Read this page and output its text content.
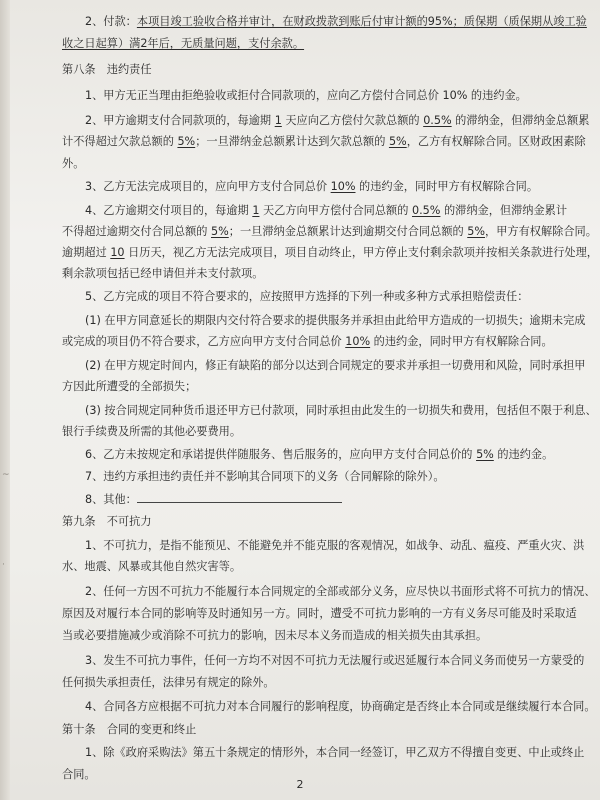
2、付款：本项目竣工验收合格并审计，在财政拨款到账后付审计额的95%；质保期（质保期从竣工验
收之日起算）满2年后，无质量问题，支付余款。
第八条　违约责任
1、甲方无正当理由拒绝验收或拒付合同款项的，应向乙方偿付合同总价 10% 的违约金。
2、甲方逾期支付合同款项的，每逾期 1 天应向乙方偿付欠款总额的 0.5% 的滞纳金，但滞纳金总额累
计不得超过欠款总额的 5%；一旦滞纳金总额累计达到欠款总额的 5%，乙方有权解除合同。区财政困素除
外。
3、乙方无法完成项目的，应向甲方支付合同总价 10% 的违约金，同时甲方有权解除合同。
4、乙方逾期交付项目的，每逾期 1 天乙方向甲方偿付合同总额的 0.5% 的滞纳金，但滞纳金累计
不得超过逾期交付合同总额的 5%；一旦滞纳金总额累计达到逾期交付合同总额的 5%，甲方有权解除合同。
逾期超过 10 日历天，视乙方无法完成项目，项目自动终止，甲方停止支付剩余款项并按相关条款进行处理，
剩余款项包括已经申请但并未支付款项。
5、乙方完成的项目不符合要求的，应按照甲方选择的下列一种或多种方式承担赔偿责任：
(1) 在甲方同意延长的期限内交付符合要求的提供服务并承担由此给甲方造成的一切损失；逾期未完成
或完成的项目仍不符合要求，乙方应向甲方支付合同总价 10% 的违约金，同时甲方有权解除合同。
(2) 在甲方规定时间内，修正有缺陷的部分以达到合同规定的要求并承担一切费用和风险，同时承担甲
方因此所遭受的全部损失；
(3) 按合同规定同种货币退还甲方已付款项，同时承担由此发生的一切损失和费用，包括但不限于利息、
银行手续费及所需的其他必要费用。
6、乙方未按规定和承诺提供伴随服务、售后服务的，应向甲方支付合同总价的 5% 的违约金。
7、违约方承担违约责任并不影响其合同项下的义务（合同解除的除外）。
8、其他：
第九条　不可抗力
1、不可抗力，是指不能预见、不能避免并不能克服的客观情况，如战争、动乱、瘟疫、严重火灾、洪
水、地震、风暴或其他自然灾害等。
2、任何一方因不可抗力不能履行本合同规定的全部或部分义务，应尽快以书面形式将不可抗力的情况、
原因及对履行本合同的影响等及时通知另一方。同时，遭受不可抗力影响的一方有义务尽可能及时采取适
当或必要措施减少或消除不可抗力的影响，因未尽本义务而造成的相关损失由其承担。
3、发生不可抗力事件，任何一方均不对因不可抗力无法履行或迟延履行本合同义务而使另一方蒙受的
任何损失承担责任，法律另有规定的除外。
4、合同各方应根据不可抗力对本合同履行的影响程度，协商确定是否终止本合同或是继续履行本合同。
第十条　合同的变更和终止
1、除《政府采购法》第五十条规定的情形外，本合同一经签订，甲乙双方不得擅自变更、中止或终止
合同。
~
·
2
